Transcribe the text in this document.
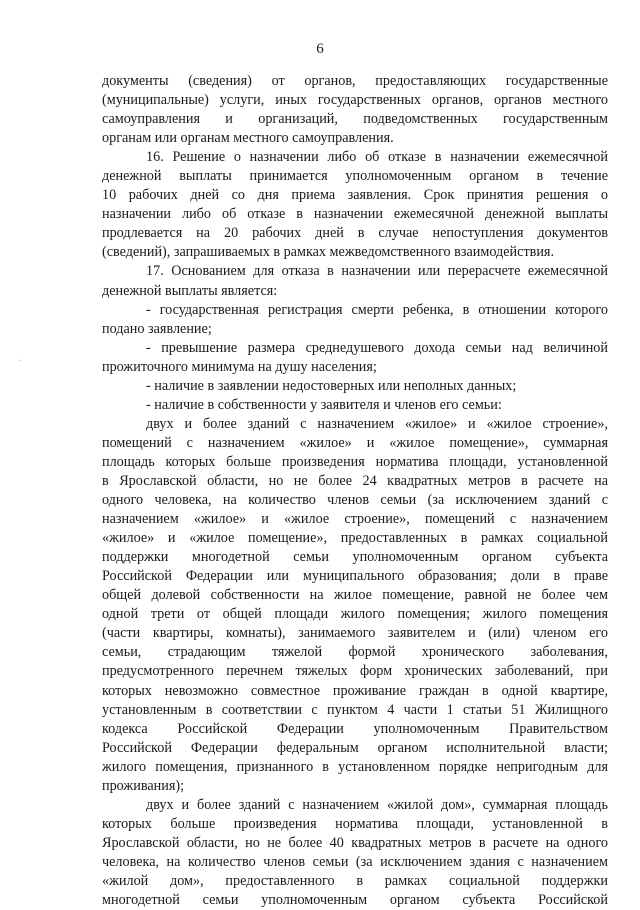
6
·
документы (сведения) от органов, предоставляющих государственные
(муниципальные) услуги, иных государственных органов, органов местного
самоуправления и организаций, подведомственных государственным
органам или органам местного самоуправления.
16. Решение о назначении либо об отказе в назначении ежемесячной
денежной выплаты принимается уполномоченным органом в течение
10 рабочих дней со дня приема заявления. Срок принятия решения о
назначении либо об отказе в назначении ежемесячной денежной выплаты
продлевается на 20 рабочих дней в случае непоступления документов
(сведений), запрашиваемых в рамках межведомственного взаимодействия.
17. Основанием для отказа в назначении или перерасчете ежемесячной
денежной выплаты является:
- государственная регистрация смерти ребенка, в отношении которого
подано заявление;
- превышение размера среднедушевого дохода семьи над величиной
прожиточного минимума на душу населения;
- наличие в заявлении недостоверных или неполных данных;
- наличие в собственности у заявителя и членов его семьи:
двух и более зданий с назначением «жилое» и «жилое строение»,
помещений с назначением «жилое» и «жилое помещение», суммарная
площадь которых больше произведения норматива площади, установленной
в Ярославской области, но не более 24 квадратных метров в расчете на
одного человека, на количество членов семьи (за исключением зданий с
назначением «жилое» и «жилое строение», помещений с назначением
«жилое» и «жилое помещение», предоставленных в рамках социальной
поддержки многодетной семьи уполномоченным органом субъекта
Российской Федерации или муниципального образования; доли в праве
общей долевой собственности на жилое помещение, равной не более чем
одной трети от общей площади жилого помещения; жилого помещения
(части квартиры, комнаты), занимаемого заявителем и (или) членом его
семьи, страдающим тяжелой формой хронического заболевания,
предусмотренного перечнем тяжелых форм хронических заболеваний, при
которых невозможно совместное проживание граждан в одной квартире,
установленным в соответствии с пунктом 4 части 1 статьи 51 Жилищного
кодекса Российской Федерации уполномоченным Правительством
Российской Федерации федеральным органом исполнительной власти;
жилого помещения, признанного в установленном порядке непригодным для
проживания);
двух и более зданий с назначением «жилой дом», суммарная площадь
которых больше произведения норматива площади, установленной в
Ярославской области, но не более 40 квадратных метров в расчете на одного
человека, на количество членов семьи (за исключением здания с назначением
«жилой дом», предоставленного в рамках социальной поддержки
многодетной семьи уполномоченным органом субъекта Российской
